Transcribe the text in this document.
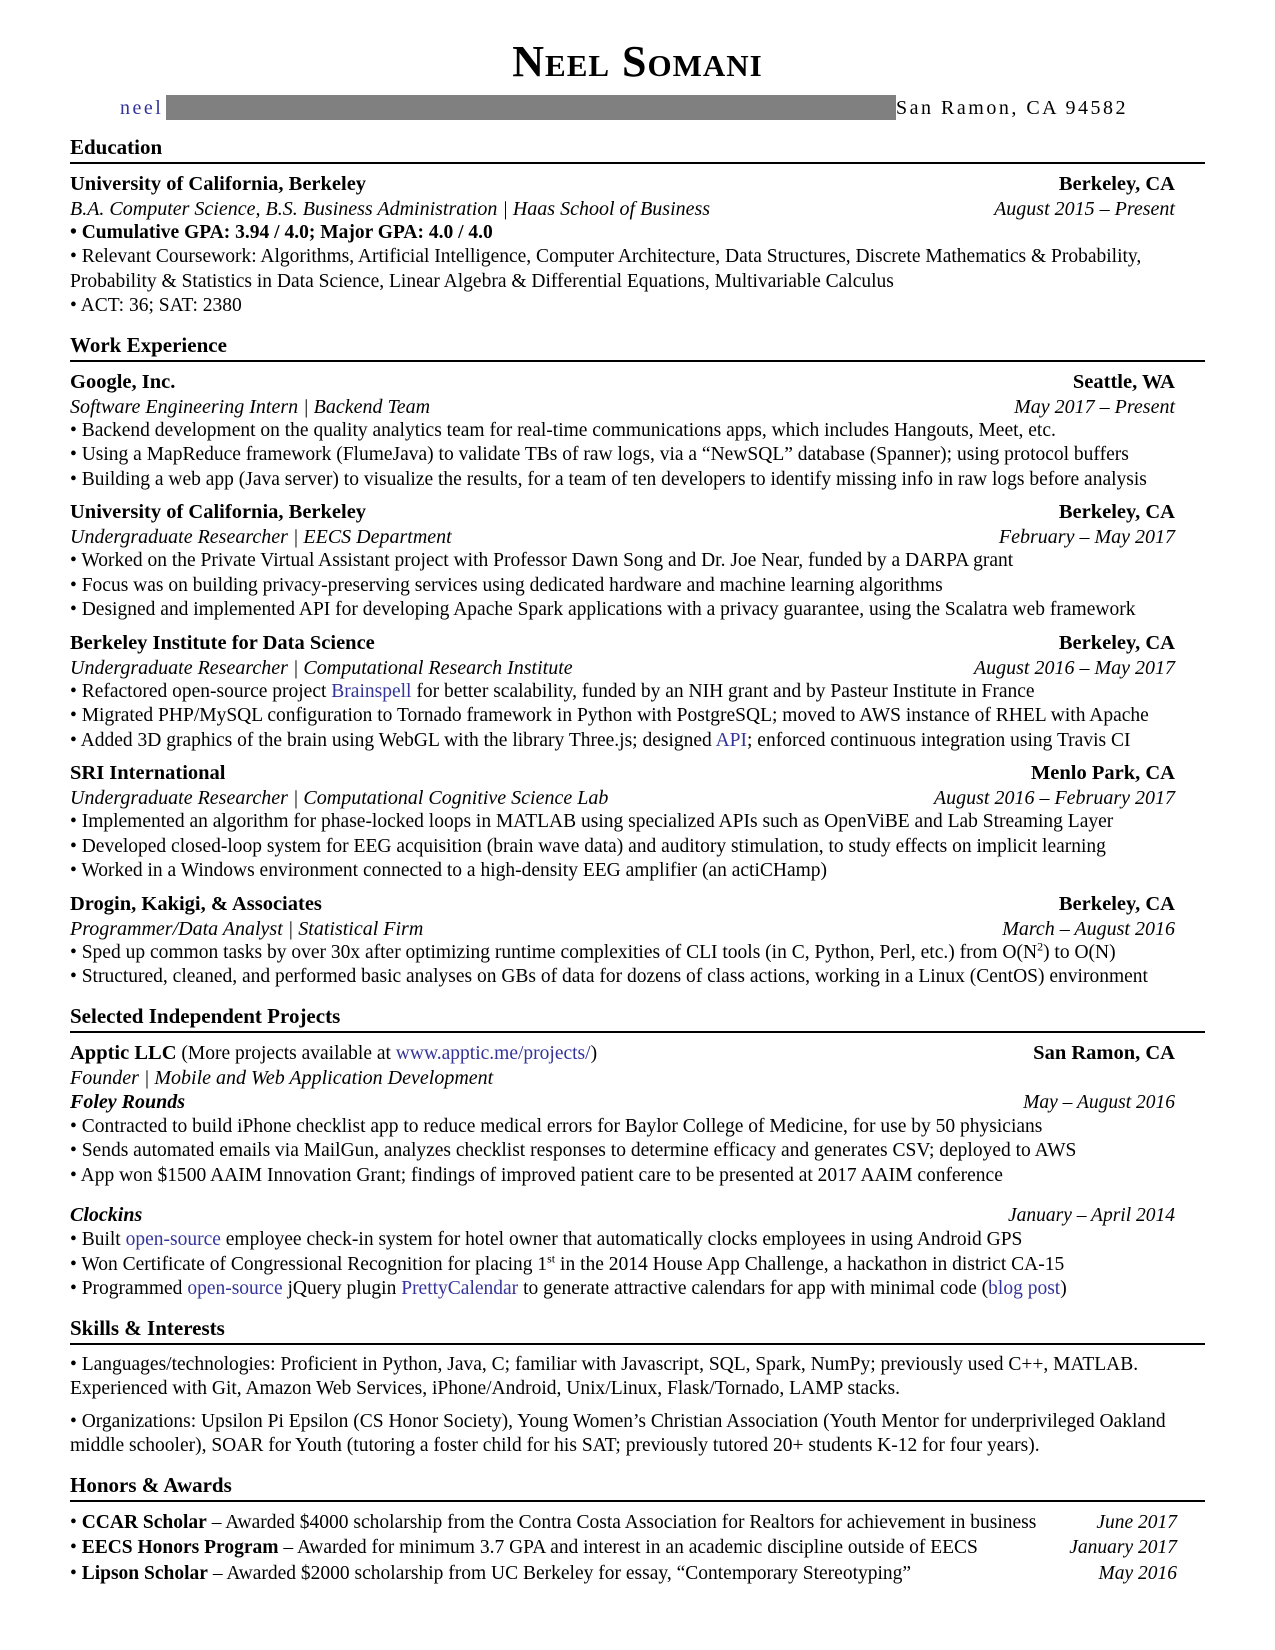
Neel Somani
neel	San Ramon, CA 94582
Education
University of California, Berkeley	Berkeley, CA
B.A. Computer Science, B.S. Business Administration | Haas School of Business	August 2015 – Present
• Cumulative GPA: 3.94 / 4.0; Major GPA: 4.0 / 4.0
• Relevant Coursework: Algorithms, Artificial Intelligence, Computer Architecture, Data Structures, Discrete Mathematics & Probability, Probability & Statistics in Data Science, Linear Algebra & Differential Equations, Multivariable Calculus
• ACT: 36; SAT: 2380
Work Experience
Google, Inc.	Seattle, WA
Software Engineering Intern | Backend Team	May 2017 – Present
• Backend development on the quality analytics team for real-time communications apps, which includes Hangouts, Meet, etc.
• Using a MapReduce framework (FlumeJava) to validate TBs of raw logs, via a “NewSQL” database (Spanner); using protocol buffers
• Building a web app (Java server) to visualize the results, for a team of ten developers to identify missing info in raw logs before analysis
University of California, Berkeley	Berkeley, CA
Undergraduate Researcher | EECS Department	February – May 2017
• Worked on the Private Virtual Assistant project with Professor Dawn Song and Dr. Joe Near, funded by a DARPA grant
• Focus was on building privacy-preserving services using dedicated hardware and machine learning algorithms
• Designed and implemented API for developing Apache Spark applications with a privacy guarantee, using the Scalatra web framework
Berkeley Institute for Data Science	Berkeley, CA
Undergraduate Researcher | Computational Research Institute	August 2016 – May 2017
• Refactored open-source project Brainspell for better scalability, funded by an NIH grant and by Pasteur Institute in France
• Migrated PHP/MySQL configuration to Tornado framework in Python with PostgreSQL; moved to AWS instance of RHEL with Apache
• Added 3D graphics of the brain using WebGL with the library Three.js; designed API; enforced continuous integration using Travis CI
SRI International	Menlo Park, CA
Undergraduate Researcher | Computational Cognitive Science Lab	August 2016 – February 2017
• Implemented an algorithm for phase-locked loops in MATLAB using specialized APIs such as OpenViBE and Lab Streaming Layer
• Developed closed-loop system for EEG acquisition (brain wave data) and auditory stimulation, to study effects on implicit learning
• Worked in a Windows environment connected to a high-density EEG amplifier (an actiCHamp)
Drogin, Kakigi, & Associates	Berkeley, CA
Programmer/Data Analyst | Statistical Firm	March – August 2016
• Sped up common tasks by over 30x after optimizing runtime complexities of CLI tools (in C, Python, Perl, etc.) from $O(N^2)$ to O(N)
• Structured, cleaned, and performed basic analyses on GBs of data for dozens of class actions, working in a Linux (CentOS) environment
Selected Independent Projects
Apptic LLC (More projects available at www.apptic.me/projects/)	San Ramon, CA
Founder | Mobile and Web Application Development
Foley Rounds	May – August 2016
• Contracted to build iPhone checklist app to reduce medical errors for Baylor College of Medicine, for use by 50 physicians
• Sends automated emails via MailGun, analyzes checklist responses to determine efficacy and generates CSV; deployed to AWS
• App won $1500 AAIM Innovation Grant; findings of improved patient care to be presented at 2017 AAIM conference
Clockins	January – April 2014
• Built open-source employee check-in system for hotel owner that automatically clocks employees in using Android GPS
• Won Certificate of Congressional Recognition for placing 1st in the 2014 House App Challenge, a hackathon in district CA-15
• Programmed open-source jQuery plugin PrettyCalendar to generate attractive calendars for app with minimal code (blog post)
Skills & Interests
• Languages/technologies: Proficient in Python, Java, C; familiar with Javascript, SQL, Spark, NumPy; previously used C++, MATLAB. Experienced with Git, Amazon Web Services, iPhone/Android, Unix/Linux, Flask/Tornado, LAMP stacks.
• Organizations: Upsilon Pi Epsilon (CS Honor Society), Young Women’s Christian Association (Youth Mentor for underprivileged Oakland middle schooler), SOAR for Youth (tutoring a foster child for his SAT; previously tutored 20+ students K-12 for four years).
Honors & Awards
• CCAR Scholar – Awarded $4000 scholarship from the Contra Costa Association for Realtors for achievement in business	June 2017
• EECS Honors Program – Awarded for minimum 3.7 GPA and interest in an academic discipline outside of EECS	January 2017
• Lipson Scholar – Awarded $2000 scholarship from UC Berkeley for essay, “Contemporary Stereotyping”	May 2016
